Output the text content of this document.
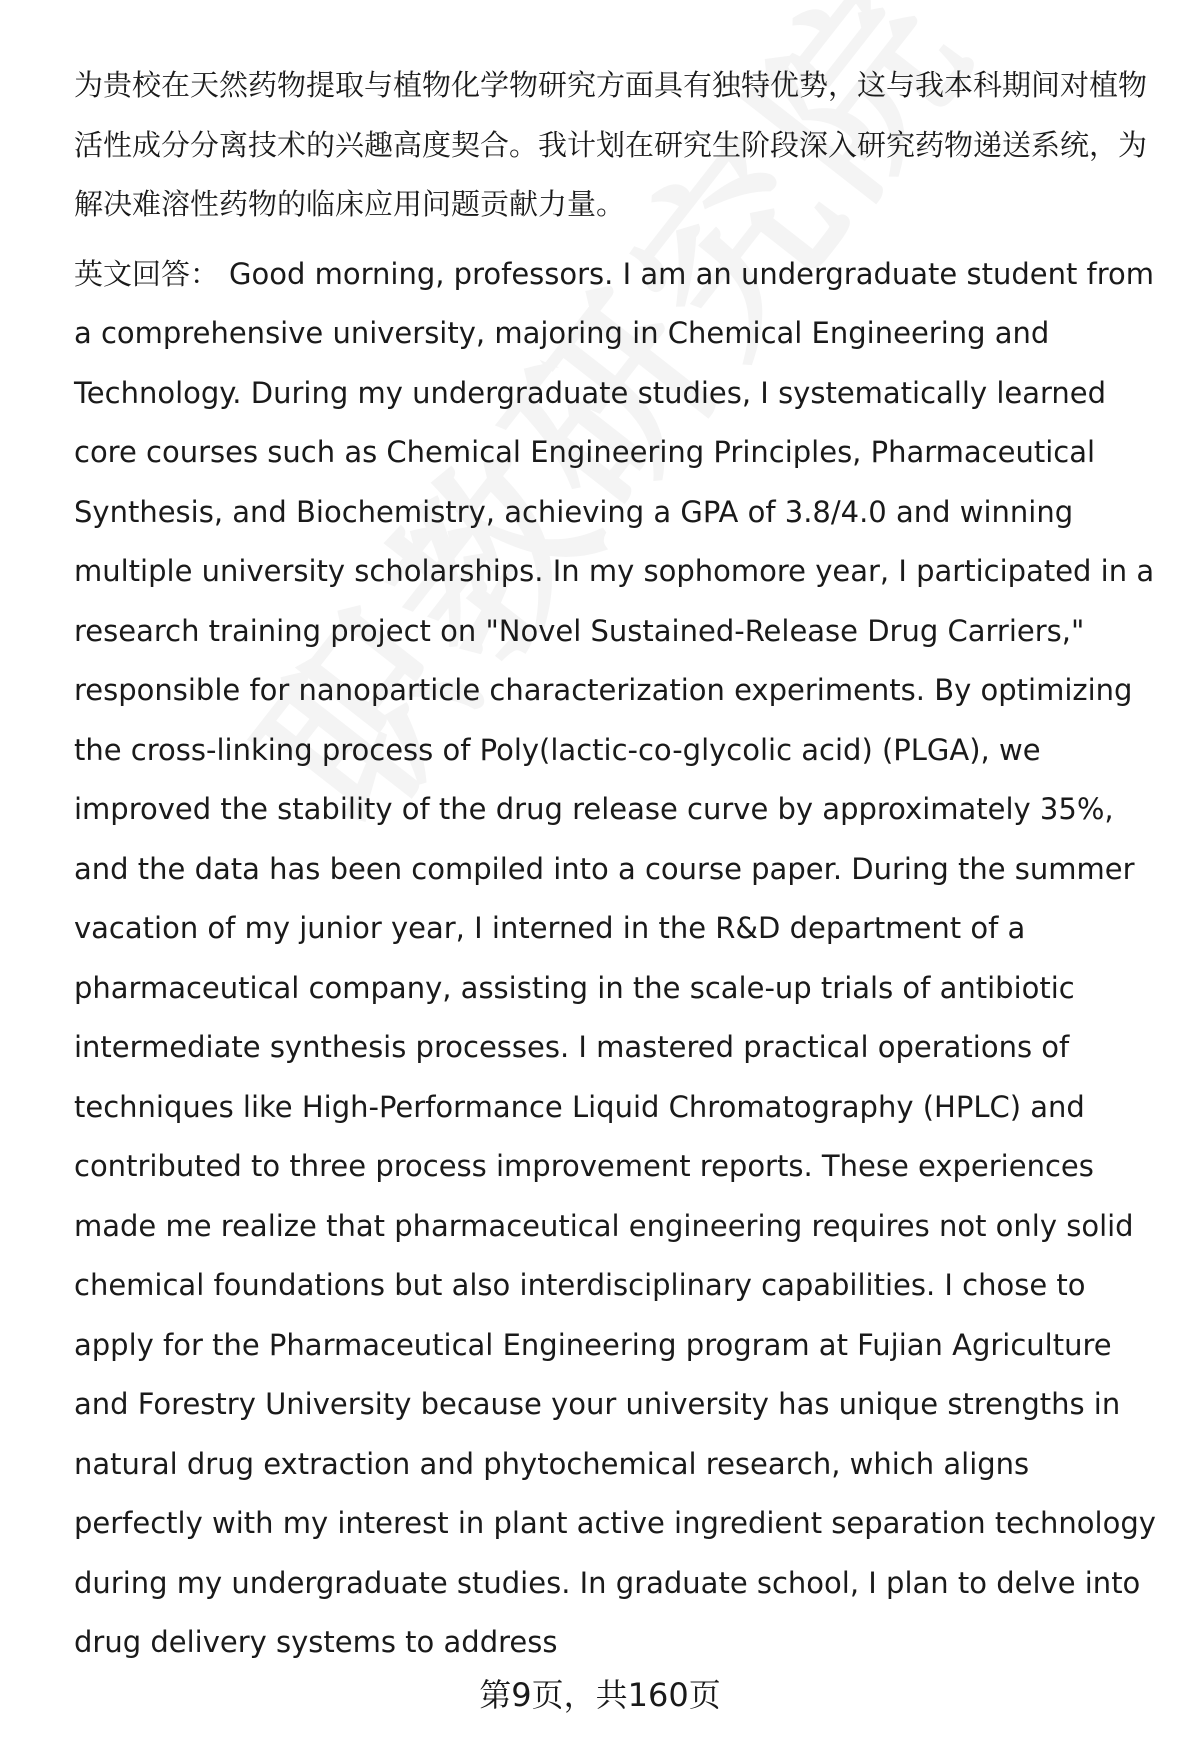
为贵校在天然药物提取与植物化学物研究方面具有独特优势，这与我本科期间对植物活性成分分离技术的兴趣高度契合。我计划在研究生阶段深入研究药物递送系统，为解决难溶性药物的临床应用问题贡献力量。

英文回答： Good morning, professors. I am an undergraduate student from a comprehensive university, majoring in Chemical Engineering and Technology. During my undergraduate studies, I systematically learned core courses such as Chemical Engineering Principles, Pharmaceutical Synthesis, and Biochemistry, achieving a GPA of 3.8/4.0 and winning multiple university scholarships. In my sophomore year, I participated in a research training project on "Novel Sustained-Release Drug Carriers," responsible for nanoparticle characterization experiments. By optimizing the cross-linking process of Poly(lactic-co-glycolic acid) (PLGA), we improved the stability of the drug release curve by approximately 35%, and the data has been compiled into a course paper. During the summer vacation of my junior year, I interned in the R&D department of a pharmaceutical company, assisting in the scale-up trials of antibiotic intermediate synthesis processes. I mastered practical operations of techniques like High-Performance Liquid Chromatography (HPLC) and contributed to three process improvement reports. These experiences made me realize that pharmaceutical engineering requires not only solid chemical foundations but also interdisciplinary capabilities. I chose to apply for the Pharmaceutical Engineering program at Fujian Agriculture and Forestry University because your university has unique strengths in natural drug extraction and phytochemical research, which aligns perfectly with my interest in plant active ingredient separation technology during my undergraduate studies. In graduate school, I plan to delve into drug delivery systems to address

第9页，共160页
